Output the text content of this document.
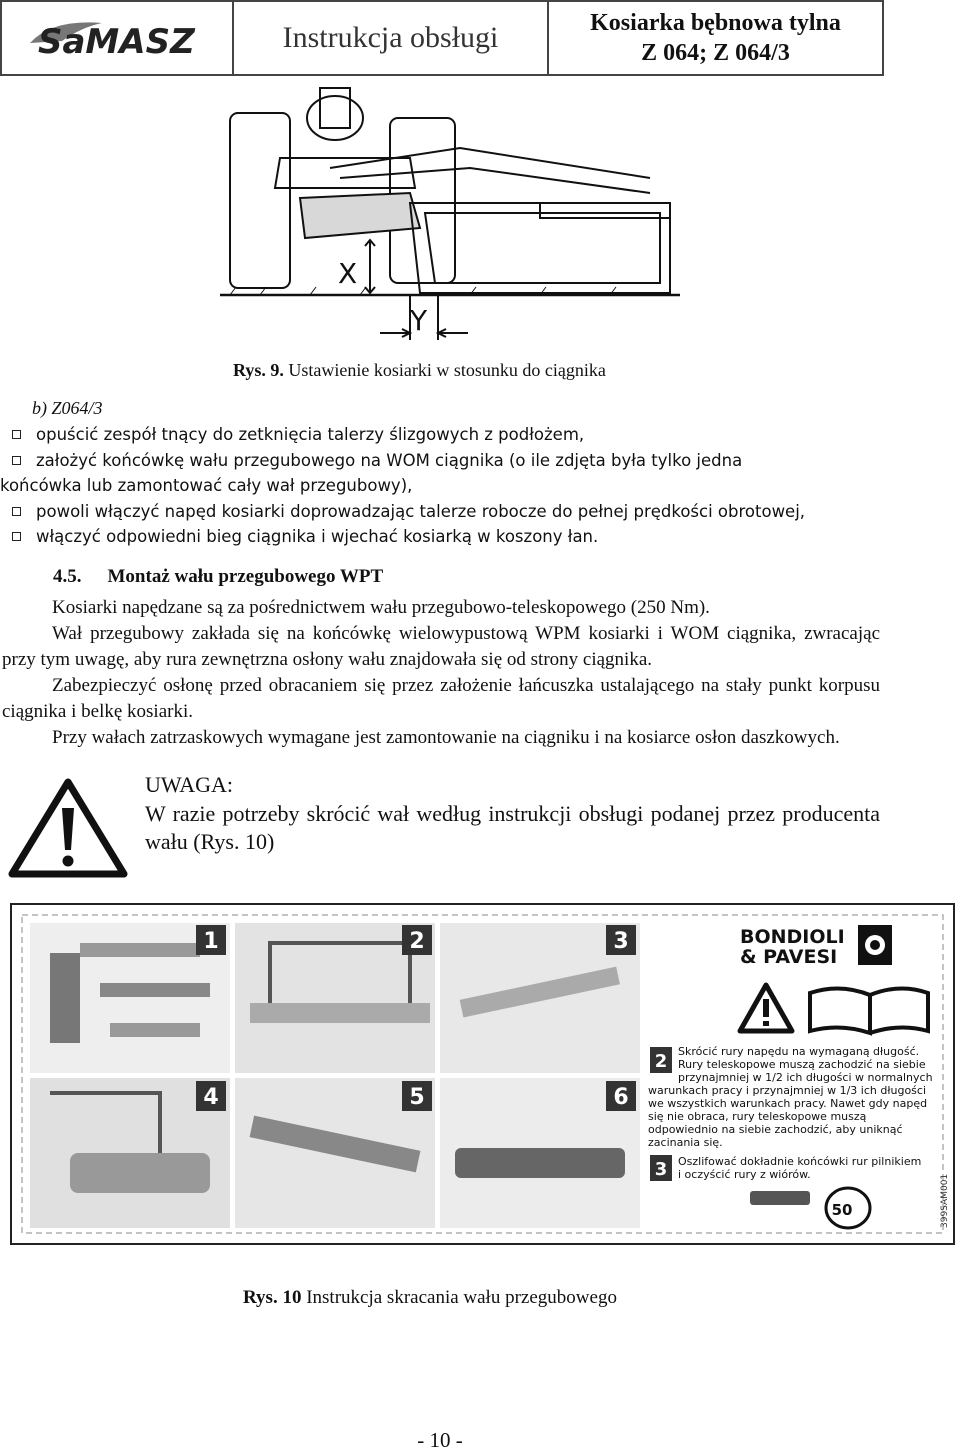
SaMASZ	Instrukcja obsługi	Kosiarka bębnowa tylna
Z 064; Z 064/3
X
Y
Rys. 9. Ustawienie kosiarki w stosunku do ciągnika
b) Z064/3
opuścić zespół tnący do zetknięcia talerzy ślizgowych z podłożem,
założyć końcówkę wału przegubowego na WOM ciągnika (o ile zdjęta była tylko jedna
końcówka lub zamontować cały wał przegubowy),
powoli włączyć napęd kosiarki doprowadzając talerze robocze do pełnej prędkości obrotowej,
włączyć odpowiedni bieg ciągnika i wjechać kosiarką w koszony łan.
4.5. Montaż wału przegubowego WPT

Kosiarki napędzane są za pośrednictwem wału przegubowo-teleskopowego (250 Nm).

Wał przegubowy zakłada się na końcówkę wielowypustową WPM kosiarki i WOM ciągnika, zwracając przy tym uwagę, aby rura zewnętrzna osłony wału znajdowała się od strony ciągnika.

Zabezpieczyć osłonę przed obracaniem się przez założenie łańcuszka ustalającego na stały punkt korpusu ciągnika i belkę kosiarki.

Przy wałach zatrzaskowych wymagane jest zamontowanie na ciągniku i na kosiarce osłon daszkowych.

UWAGA:
W razie potrzeby skrócić wał według instrukcji obsługi podanej przez producenta wału (Rys. 10)
1	2	3
4	5	6
BONDIOLI
& PAVESI
2 Skrócić rury napędu na wymaganą długość.
Rury teleskopowe muszą zachodzić na siebie
przynajmniej w 1/2 ich długości w normalnych
warunkach pracy i przynajmniej w 1/3 ich długości
we wszystkich warunkach pracy. Nawet gdy napęd
się nie obraca, rury teleskopowe muszą
odpowiednio na siebie zachodzić, aby uniknąć
zacinania się.
3 Oszlifować dokładnie końcówki rur pilnikiem
i oczyścić rury z wiórów.
50	399SAM001
Rys. 10 Instrukcja skracania wału przegubowego
- 10 -
